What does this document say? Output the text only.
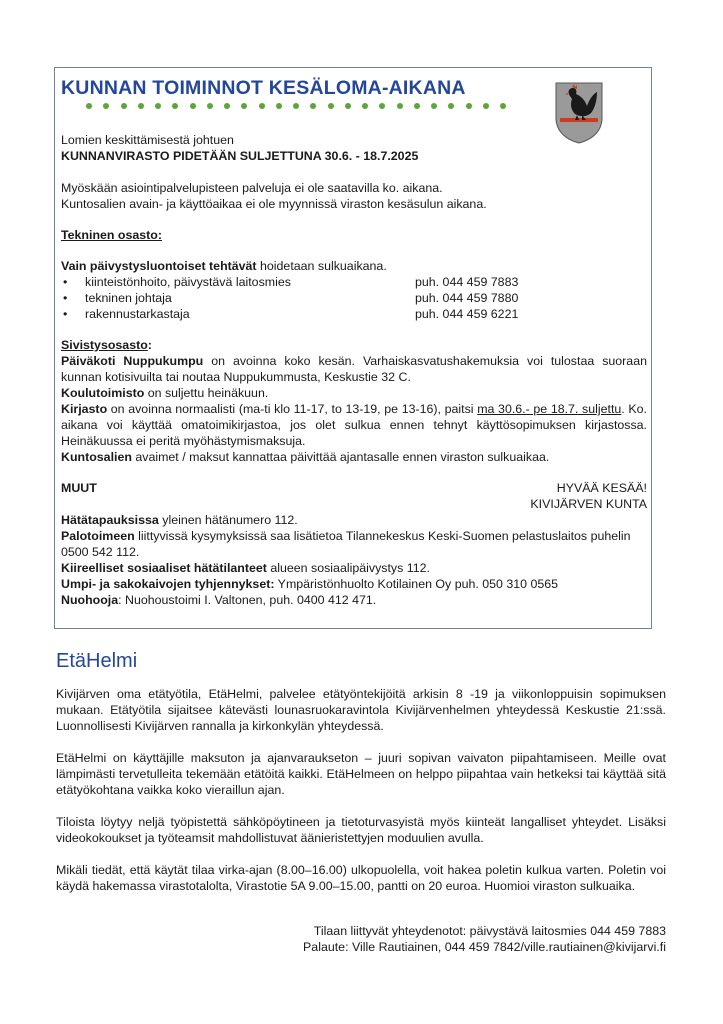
KUNNAN TOIMINNOT KESÄLOMA-AIKANA

Lomien keskittämisestä johtuen

KUNNANVIRASTO PIDETÄÄN SULJETTUNA 30.6. - 18.7.2025

Myöskään asiointipalvelupisteen palveluja ei ole saatavilla ko. aikana.

Kuntosalien avain- ja käyttöaikaa ei ole myynnissä viraston kesäsulun aikana.

Tekninen osasto:

Vain päivystysluontoiset tehtävät hoidetaan sulkuaikana.

•	kiinteistönhoito, päivystävä laitosmies	puh. 044 459 7883
•	tekninen johtaja	puh. 044 459 7880
•	rakennustarkastaja	puh. 044 459 6221

Sivistysosasto:

Päiväkoti Nuppukumpu on avoinna koko kesän. Varhaiskasvatushakemuksia voi tulostaa suoraan kunnan kotisivuilta tai noutaa Nuppukummusta, Keskustie 32 C.

Koulutoimisto on suljettu heinäkuun.

Kirjasto on avoinna normaalisti (ma-ti klo 11-17, to 13-19, pe 13-16), paitsi ma 30.6.- pe 18.7. suljettu. Ko. aikana voi käyttää omatoimikirjastoa, jos olet sulkua ennen tehnyt käyttösopimuksen kirjastossa. Heinäkuussa ei peritä myöhästymismaksuja.

Kuntosalien avaimet / maksut kannattaa päivittää ajantasalle ennen viraston sulkuaikaa.

MUUT	HYVÄÄ KESÄÄ!
KIVIJÄRVEN KUNTA

Hätätapauksissa yleinen hätänumero 112.

Palotoimeen liittyvissä kysymyksissä saa lisätietoa Tilannekeskus Keski-Suomen pelastuslaitos puhelin 0500 542 112.

Kiireelliset sosiaaliset hätätilanteet alueen sosiaalipäivystys 112.

Umpi- ja sakokaivojen tyhjennykset: Ympäristönhuolto Kotilainen Oy puh. 050 310 0565

Nuohooja: Nuohoustoimi I. Valtonen, puh. 0400 412 471.

EtäHelmi

Kivijärven oma etätyötila, EtäHelmi, palvelee etätyöntekijöitä arkisin 8 -19 ja viikonloppuisin sopimuksen mukaan. Etätyötila sijaitsee kätevästi lounasruokaravintola Kivijärvenhelmen yhteydessä Keskustie 21:ssä. Luonnollisesti Kivijärven rannalla ja kirkonkylän yhteydessä.

EtäHelmi on käyttäjille maksuton ja ajanvaraukseton – juuri sopivan vaivaton piipahtamiseen. Meille ovat lämpimästi tervetulleita tekemään etätöitä kaikki. EtäHelmeen on helppo piipahtaa vain hetkeksi tai käyttää sitä etätyökohtana vaikka koko vieraillun ajan.

Tiloista löytyy neljä työpistettä sähköpöytineen ja tietoturvasyistä myös kiinteät langalliset yhteydet. Lisäksi videokokoukset ja työteamsit mahdollistuvat äänieristettyjen moduulien avulla.

Mikäli tiedät, että käytät tilaa virka-ajan (8.00–16.00) ulkopuolella, voit hakea poletin kulkua varten. Poletin voi käydä hakemassa virastotalolta, Virastotie 5A 9.00–15.00, pantti on 20 euroa. Huomioi viraston sulkuaika.

Tilaan liittyvät yhteydenotot: päivystävä laitosmies 044 459 7883

Palaute: Ville Rautiainen, 044 459 7842/ville.rautiainen@kivijarvi.fi
